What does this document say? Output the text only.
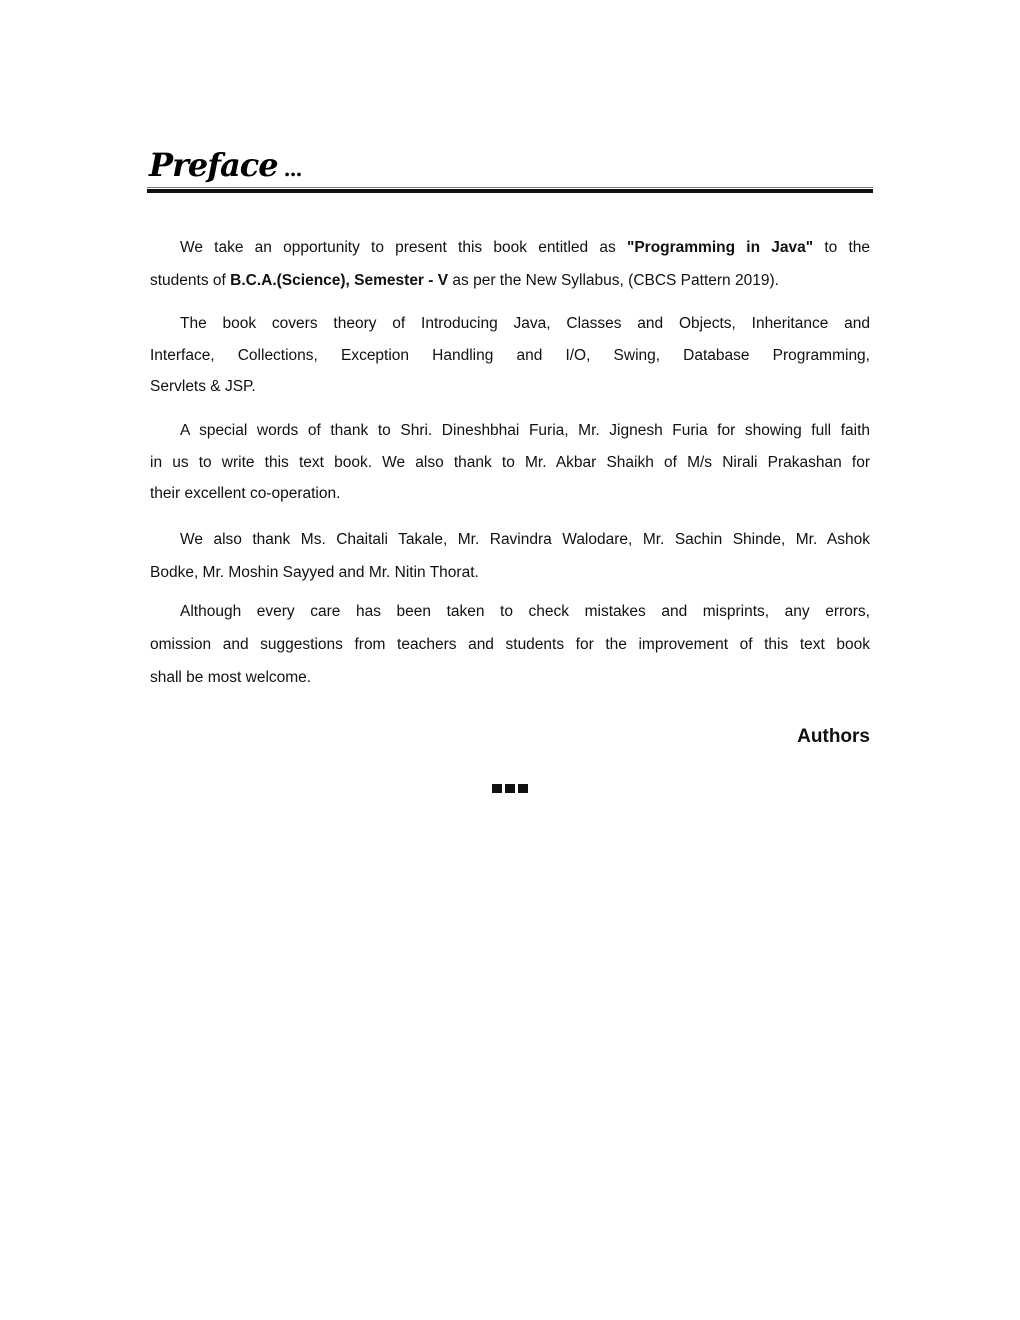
Preface ...
We take an opportunity to present this book entitled as "Programming in Java" to the
students of B.C.A.(Science), Semester - V as per the New Syllabus, (CBCS Pattern 2019).
The book covers theory of Introducing Java, Classes and Objects, Inheritance and
Interface, Collections, Exception Handling and I/O, Swing, Database Programming,
Servlets & JSP.
A special words of thank to Shri. Dineshbhai Furia, Mr. Jignesh Furia for showing full faith
in us to write this text book. We also thank to Mr. Akbar Shaikh of M/s Nirali Prakashan for
their excellent co-operation.
We also thank Ms. Chaitali Takale, Mr. Ravindra Walodare, Mr. Sachin Shinde, Mr. Ashok
Bodke, Mr. Moshin Sayyed and Mr. Nitin Thorat.
Although every care has been taken to check mistakes and misprints, any errors,
omission and suggestions from teachers and students for the improvement of this text book
shall be most welcome.
Authors
